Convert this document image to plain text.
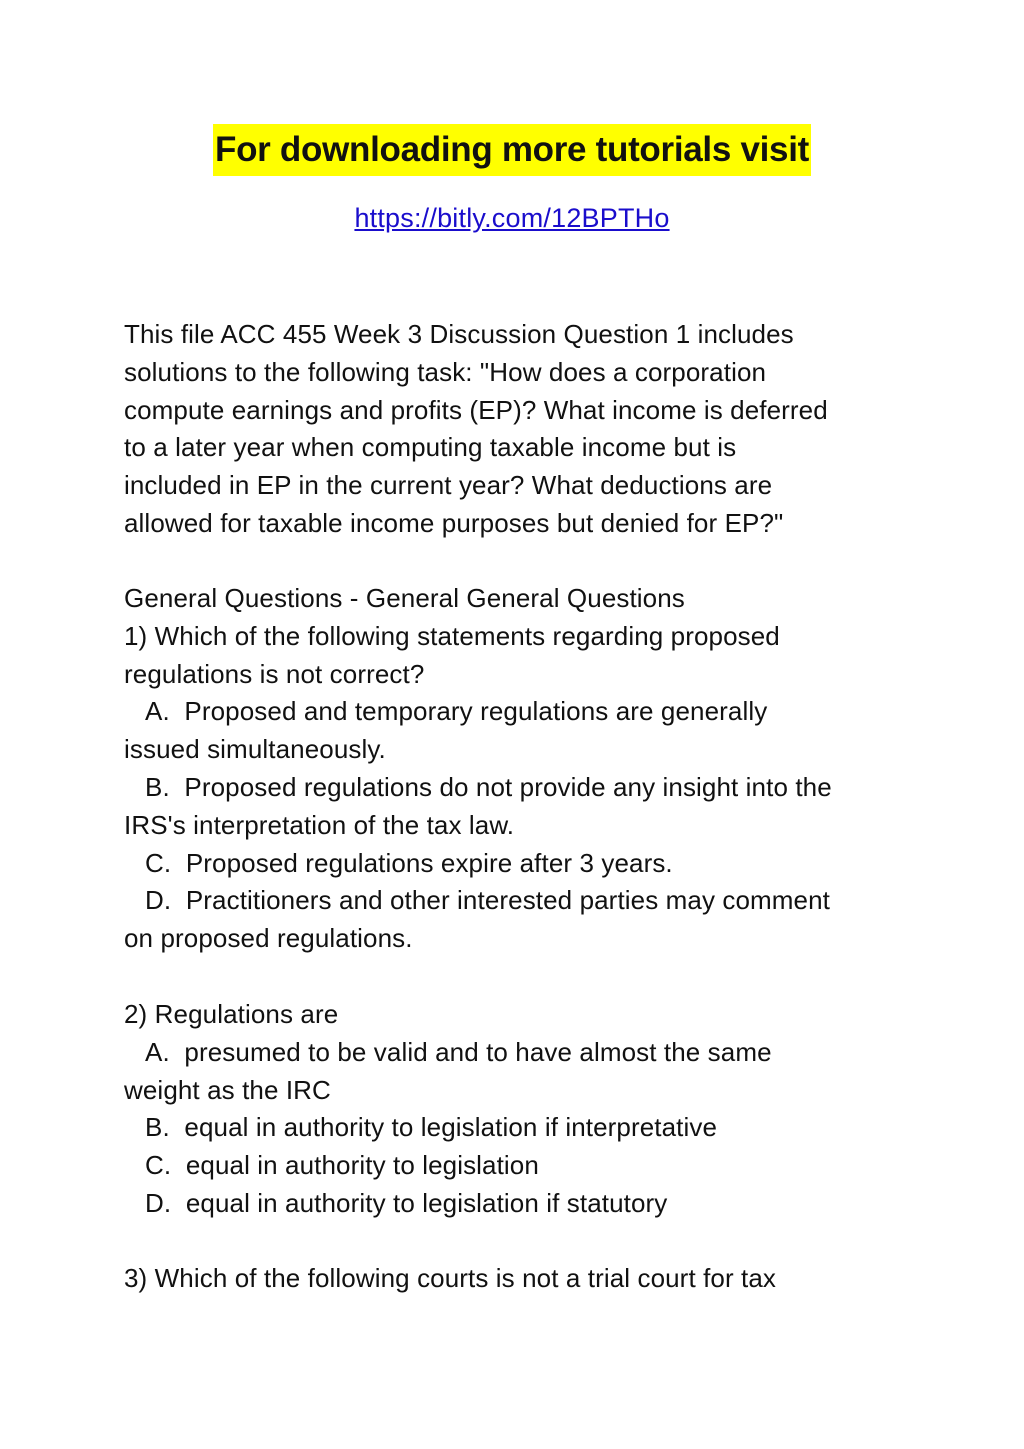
For downloading more tutorials visit
https://bitly.com/12BPTHo
This file ACC 455 Week 3 Discussion Question 1 includes
solutions to the following task: "How does a corporation
compute earnings and profits (EP)? What income is deferred
to a later year when computing taxable income but is
included in EP in the current year? What deductions are
allowed for taxable income purposes but denied for EP?"
General Questions - General General Questions
1) Which of the following statements regarding proposed
regulations is not correct?
A.  Proposed and temporary regulations are generally
issued simultaneously.
B.  Proposed regulations do not provide any insight into the
IRS's interpretation of the tax law.
C.  Proposed regulations expire after 3 years.
D.  Practitioners and other interested parties may comment
on proposed regulations.
2) Regulations are
A.  presumed to be valid and to have almost the same
weight as the IRC
B.  equal in authority to legislation if interpretative
C.  equal in authority to legislation
D.  equal in authority to legislation if statutory
3) Which of the following courts is not a trial court for tax
